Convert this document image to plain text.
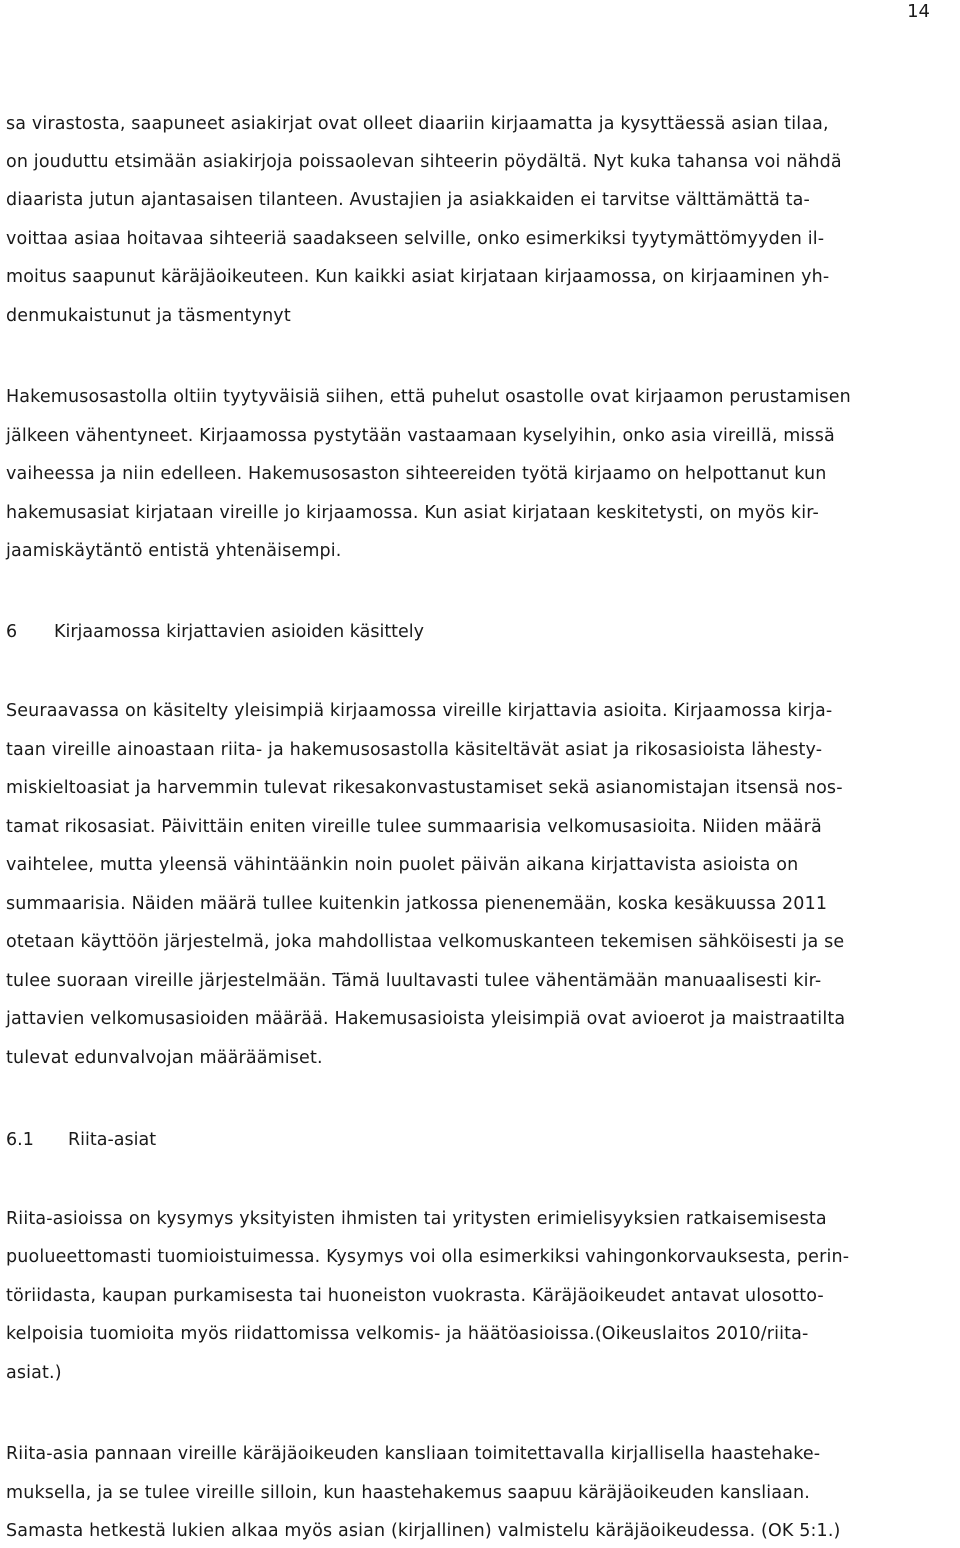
14

sa virastosta, saapuneet asiakirjat ovat olleet diaariin kirjaamatta ja kysyttäessä asian tilaa,

on jouduttu etsimään asiakirjoja poissaolevan sihteerin pöydältä. Nyt kuka tahansa voi nähdä

diaarista jutun ajantasaisen tilanteen. Avustajien ja asiakkaiden ei tarvitse välttämättä ta-

voittaa asiaa hoitavaa sihteeriä saadakseen selville, onko esimerkiksi tyytymättömyyden il-

moitus saapunut käräjäoikeuteen. Kun kaikki asiat kirjataan kirjaamossa, on kirjaaminen yh-

denmukaistunut ja täsmentynyt

Hakemusosastolla oltiin tyytyväisiä siihen, että puhelut osastolle ovat kirjaamon perustamisen

jälkeen vähentyneet. Kirjaamossa pystytään vastaamaan kyselyihin, onko asia vireillä, missä

vaiheessa ja niin edelleen. Hakemusosaston sihteereiden työtä kirjaamo on helpottanut kun

hakemusasiat kirjataan vireille jo kirjaamossa. Kun asiat kirjataan keskitetysti, on myös kir-

jaamiskäytäntö entistä yhtenäisempi.

6 Kirjaamossa kirjattavien asioiden käsittely

Seuraavassa on käsitelty yleisimpiä kirjaamossa vireille kirjattavia asioita. Kirjaamossa kirja-

taan vireille ainoastaan riita- ja hakemusosastolla käsiteltävät asiat ja rikosasioista lähesty-

miskieltoasiat ja harvemmin tulevat rikesakonvastustamiset sekä asianomistajan itsensä nos-

tamat rikosasiat. Päivittäin eniten vireille tulee summaarisia velkomusasioita. Niiden määrä

vaihtelee, mutta yleensä vähintäänkin noin puolet päivän aikana kirjattavista asioista on

summaarisia. Näiden määrä tullee kuitenkin jatkossa pienenemään, koska kesäkuussa 2011

otetaan käyttöön järjestelmä, joka mahdollistaa velkomuskanteen tekemisen sähköisesti ja se

tulee suoraan vireille järjestelmään. Tämä luultavasti tulee vähentämään manuaalisesti kir-

jattavien velkomusasioiden määrää. Hakemusasioista yleisimpiä ovat avioerot ja maistraatilta

tulevat edunvalvojan määräämiset.

6.1 Riita-asiat

Riita-asioissa on kysymys yksityisten ihmisten tai yritysten erimielisyyksien ratkaisemisesta

puolueettomasti tuomioistuimessa. Kysymys voi olla esimerkiksi vahingonkorvauksesta, perin-

töriidasta, kaupan purkamisesta tai huoneiston vuokrasta. Käräjäoikeudet antavat ulosotto-

kelpoisia tuomioita myös riidattomissa velkomis- ja häätöasioissa.(Oikeuslaitos 2010/riita-

asiat.)

Riita-asia pannaan vireille käräjäoikeuden kansliaan toimitettavalla kirjallisella haastehake-

muksella, ja se tulee vireille silloin, kun haastehakemus saapuu käräjäoikeuden kansliaan.

Samasta hetkestä lukien alkaa myös asian (kirjallinen) valmistelu käräjäoikeudessa. (OK 5:1.)
